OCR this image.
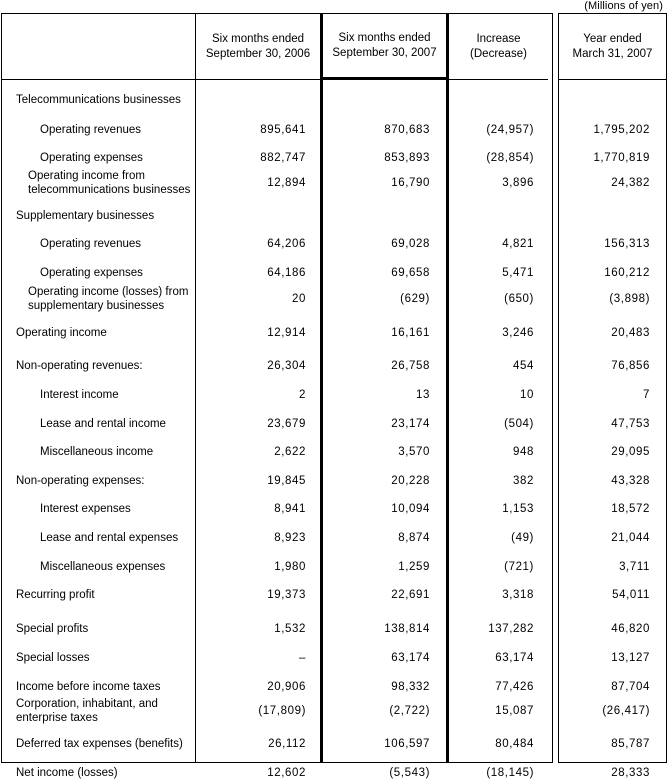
(Millions of yen)
Telecommunications businesses
Operating revenues
Operating expenses
Operating income from
telecommunications businesses
Supplementary businesses
Operating revenues
Operating expenses
Operating income (losses) from
supplementary businesses
Operating income
Non-operating revenues:
Interest income
Lease and rental income
Miscellaneous income
Non-operating expenses:
Interest expenses
Lease and rental expenses
Miscellaneous expenses
Recurring profit
Special profits
Special losses
Income before income taxes
Corporation, inhabitant, and
enterprise taxes
Deferred tax expenses (benefits)
Net income (losses)
Six months ended
September 30, 2006
895,641
882,747
12,894
64,206
64,186
20
12,914
26,304
2
23,679
2,622
19,845
8,941
8,923
1,980
19,373
1,532
–
20,906
(17,809)
26,112
12,602
Six months ended
September 30, 2007
870,683
853,893
16,790
69,028
69,658
(629)
16,161
26,758
13
23,174
3,570
20,228
10,094
8,874
1,259
22,691
138,814
63,174
98,332
(2,722)
106,597
(5,543)
Increase
(Decrease)
(24,957)
(28,854)
3,896
4,821
5,471
(650)
3,246
454
10
(504)
948
382
1,153
(49)
(721)
3,318
137,282
63,174
77,426
15,087
80,484
(18,145)
Year ended
March 31, 2007
1,795,202
1,770,819
24,382
156,313
160,212
(3,898)
20,483
76,856
7
47,753
29,095
43,328
18,572
21,044
3,711
54,011
46,820
13,127
87,704
(26,417)
85,787
28,333
